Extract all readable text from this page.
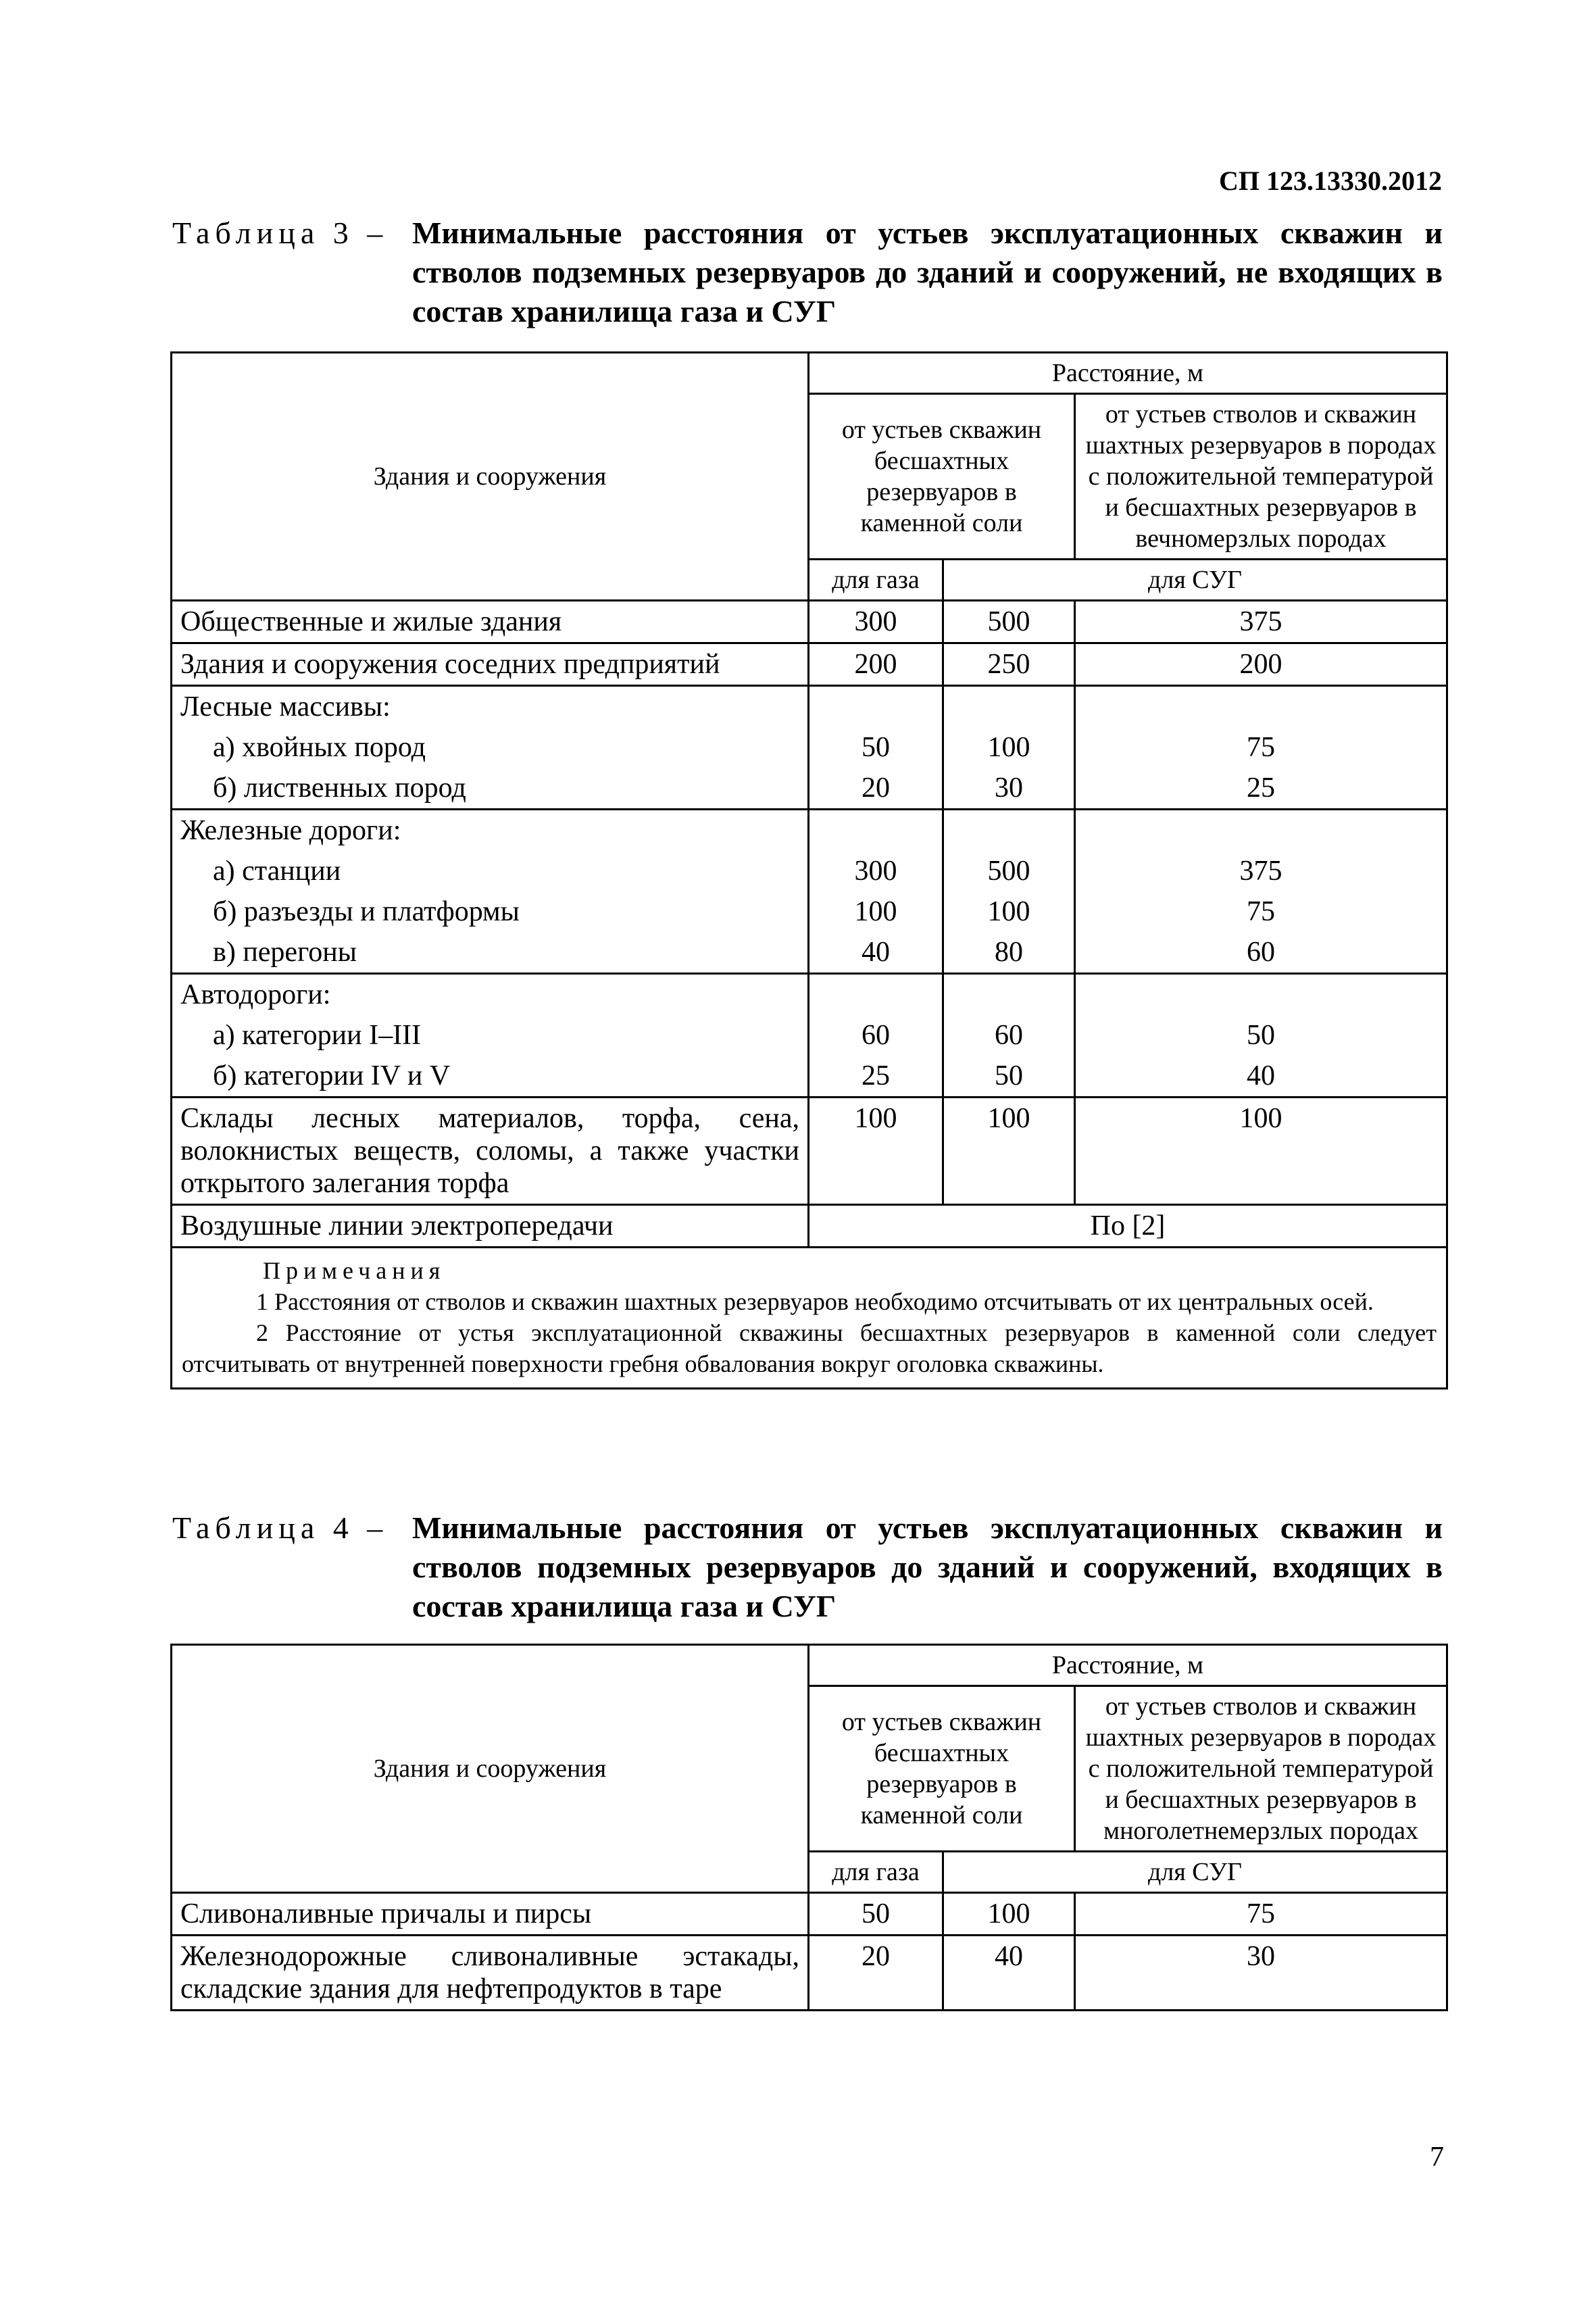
СП 123.13330.2012
Таблица 3 – Минимальные расстояния от устьев эксплуатационных скважин и стволов подземных резервуаров до зданий и сооружений, не входящих в состав хранилища газа и СУГ
Здания и сооружения	Расстояние, м		
	от устьев скважин бесшахтных резервуаров в каменной соли		от устьев стволов и скважин шахтных резервуаров в породах с положительной температурой и бесшахтных резервуаров в вечномерзлых породах
	для газа	для СУГ	
Общественные и жилые здания	300	500	375
Здания и сооружения соседних предприятий	200	250	200
Лесные массивы:			
а) хвойных пород	50	100	75
б) лиственных пород	20	30	25
Железные дороги:			
а) станции	300	500	375
б) разъезды и платформы	100	100	75
в) перегоны	40	80	60
Автодороги:			
а) категории I–III	60	60	50
б) категории IV и V	25	50	40
Склады лесных материалов, торфа, сена, волокнистых веществ, соломы, а также участки открытого залегания торфа	100	100	100
Воздушные линии электропередачи	По [2]		

Примечания
1 Расстояния от стволов и скважин шахтных резервуаров необходимо отсчитывать от их центральных осей.
2 Расстояние от устья эксплуатационной скважины бесшахтных резервуаров в каменной соли следует отсчитывать от внутренней поверхности гребня обвалования вокруг оголовка скважины.			
Таблица 4 – Минимальные расстояния от устьев эксплуатационных скважин и стволов подземных резервуаров до зданий и сооружений, входящих в состав хранилища газа и СУГ
Здания и сооружения	Расстояние, м		
	от устьев скважин бесшахтных резервуаров в каменной соли		от устьев стволов и скважин шахтных резервуаров в породах с положительной температурой и бесшахтных резервуаров в многолетнемерзлых породах
	для газа	для СУГ	
Сливоналивные причалы и пирсы	50	100	75
Железнодорожные сливоналивные эстакады, складские здания для нефтепродуктов в таре	20	40	30
7
